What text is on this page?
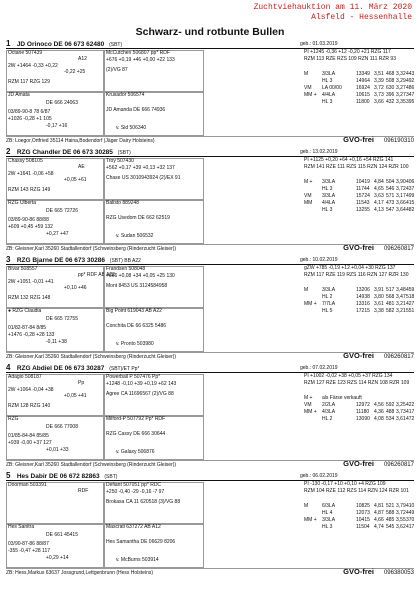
Zuchtviehauktion am 11. März 2020
Alsfeld - Hessenhalle
Schwarz- und rotbunte Bullen
1 JD Orinoco DE 06 673 62480 (SBT)	geb.: 01.03.2019
Octane 507439
A12
2W +1464 -0,33 +0,22
-0,22 +25
RZM 117 RZG 129
McCutchen 506807 pp* RDF
+676 +0,19 +46 +0,00 +22 133
(2)/VG 87
JD Amata
DE 666 24063
03/89-90-8 78 6/87
+1026 -0,28 +1 105
-0,17 +16
Krusador 506574
JD Amanda DE 666 74936
v. Sid 506340
PI +1245 -0,36 +12 -0,20 +21 RZG 117
RZM 113 RZE RZS 109 RZN 111 RZR 93
M	3/3LA	13349 3,51 468 3,32 443
HL 3	14964 3,39 508 3,29 492
VM LA 00/00	16924 3,72 630 3,27 486
MM + 4/4LA	10615 3,73 396 3,27 347
HL 3	11800 3,66 432 3,35 395
ZB: Loegor,Ortfried 35114 Haina,Bodendorf (Jäger Dairy Holsteins)	GVO-frei 096190310
2 RZG Chandler DE 06 673 30285 (SBT)	geb.: 13.02.2019
Chassy 508105
AE
2W +1641 -0,06 +58
+0,05 +61
RZM 143 RZG 149
Troy 507430
+562 +0,17 +39 +0,13 +32 137
Chase US 3010943924 (2)/EX 91
RZG Ulberta
DE 665 72726
03/89-90-86 88/88
+609 +0,45 +59 132
+0,27 +47
Balisto 889248
RZG Usedom DE 662 62519
v. Sudan 506532
PI +1125 +0,20 +64 +0,16 +54 RZG 141
RZM 141 RZE 111 RZS 115 RZN 124 RZR 100
M + 3/3LA	10419 4,84 504 3,90 406
HL 3	11744 4,65 546 3,72 437
VM 3/3LA	15724 3,63 571 3,17 499
MM 4/4LA	11543 4,17 473 3,66 415
HL 3	13255 4,13 547 3,64 482
ZB: Gleisner,Karl 35260 Stadtallendorf (Schweinsberg (Rinderzucht Gleiser))	GVO-frei 096260817
3 RZG Bjarne DE 06 673 30286 (SBT) BB A22	geb.: 10.02.2019
Bivar 508557
pp* RDF AB A22
2W +1051 -0,01 +41
+0,10 +46
RZM 132 RZG 148
Frandsen 508048
+666 +0,08 +34 +0,05 +25 130
Mont 8453 US 3124584958
● RZG Claudia
DE 665 72755
01/82-87-84 8/85
+1476 -0,28 +28 133
-0,11 +38
Big Point 619043 AB A22
Conchita DE 66 6325 5486
v. Pronto 503980
gZW +785 -0,19 +12 +0,04 +30 RZG 137
RZM 117 RZE 119 RZS 116 RZN 127 RZR 130
M	3/3LA	13206 3,91 517 3,48 459
HL 2	14938 3,80 568 3,47 518
MM + 7/7LA	13316 3,61 481 3,21 427
HL 5	17215 3,38 582 3,21 551
ZB: Gleisner,Karl 35260 Stadtallendorf (Schweinsberg (Rinderzucht Gleiser))	GVO-frei 096260817
4 RZG Abdiel DE 06 673 30287 (SBT)/ET Pp*	geb.: 07.02.2019
Adagio 508187
Pp
2W +1064 -0,04 +38
+0,05 +41
RZM 128 RZG 140
Powerball P 507476 Pp*
+1248 -0,10 +39 +0,19 +62 143
Agree CA 11696567 (2)/VG 88
RZG
DE 666 77008
01/85-84-84 85/85
+939 -0,00 +37 127
+0,01 +33
Milford-P 507792 Pp* RDF
RZG Cassy DE 666 30644
v. Galaxy 506876
PI +1002 -0,02 +38 +0,05 +37 RZG 134
RZM 127 RZE 123 RZS 114 RZN 108 RZR 109
M + als Färse verkauft
VM 2/2LA	12972 4,56 592 3,25 422
MM + 4/3LA	11180 4,36 488 3,73 417
HL 2	13090 4,08 534 3,61 472
ZB: Gleisner,Karl 35260 Stadtallendorf (Schweinsberg (Rinderzucht Gleiser))	GVO-frei 096260817
5 Hes Dabir DE 06 672 82863 (SBT)	geb.: 06.02.2019
Doorman 503391
RDF
Defiant 507051 pp* RDC
+250 -0,40 -29 -0,16 -7 97
Brokasa CA 11 620518 (3)/VG 88
Hes Sanitra
DE 661 45415
03/90-87-86 88/87
-355 -0,47 +28 117
+0,29 +14
Mascrati 637272 AB A12
Hes Samantha DE 06629 8206
v. McBurns 503914
PI -130 -0,17 +10 +0,10 +4 RZG 109
RZM 104 RZE 112 RZS 114 RZN 124 RZR 101
M	6/3LA	10825 4,81 521 3,79 410
HL 4	12073 4,87 588 3,72 449
MM + 3/3LA	10415 4,66 485 3,55 370
HL 3	11504 4,74 545 3,62 417
ZB: Hess,Markus 63637 Jossgrund,Lettgenbrunn (Hess Holsteins)	GVO-frei 096380053
